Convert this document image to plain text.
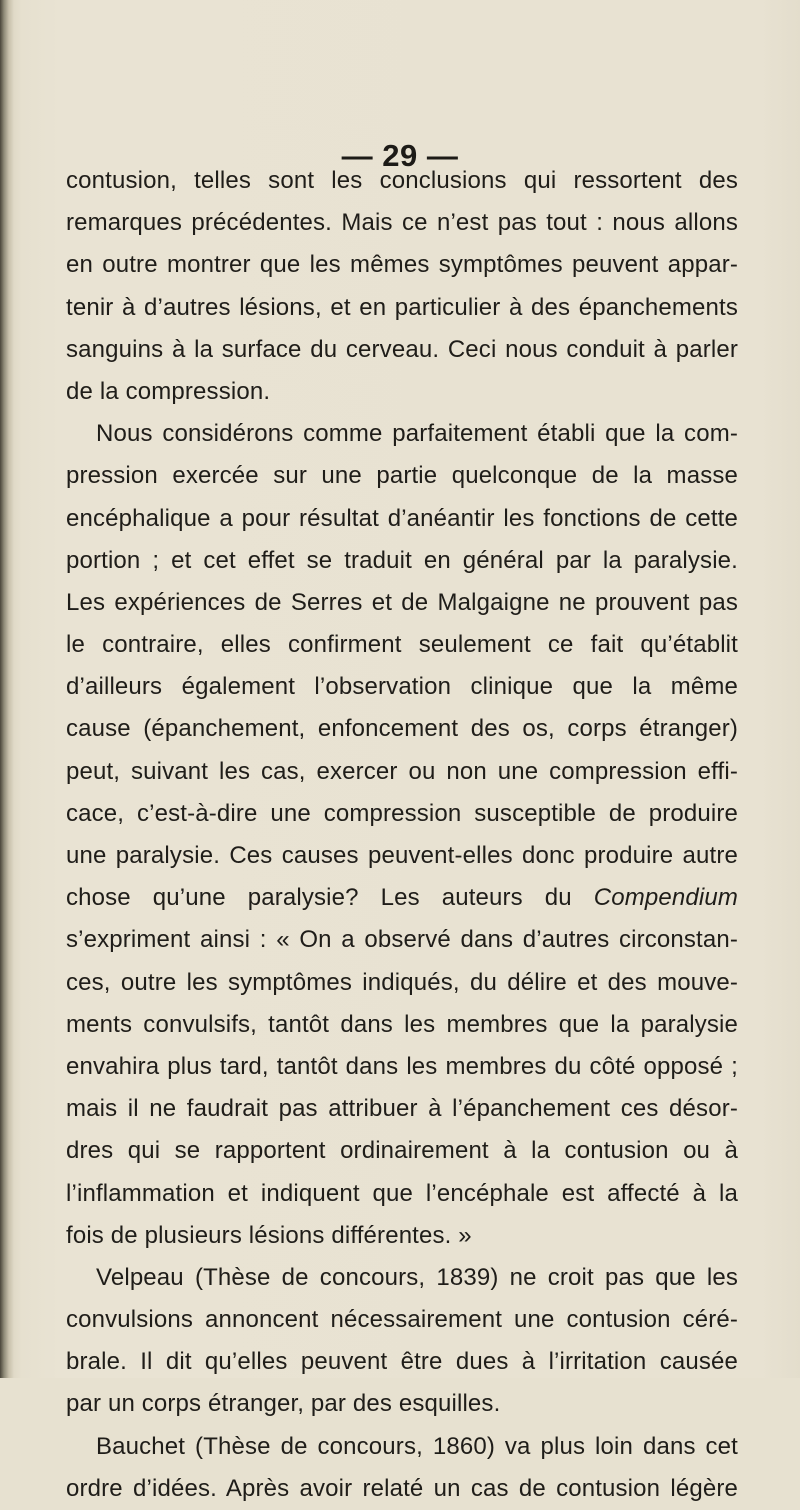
— 29 —
contusion, telles sont les conclusions qui ressortent des
remarques précédentes. Mais ce n’est pas tout : nous allons
en outre montrer que les mêmes symptômes peuvent appar-
tenir à d’autres lésions, et en particulier à des épanchements
sanguins à la surface du cerveau. Ceci nous conduit à parler
de la compression.
Nous considérons comme parfaitement établi que la com-
pression exercée sur une partie quelconque de la masse
encéphalique a pour résultat d’anéantir les fonctions de cette
portion ; et cet effet se traduit en général par la paralysie.
Les expériences de Serres et de Malgaigne ne prouvent pas
le contraire, elles confirment seulement ce fait qu’établit
d’ailleurs également l’observation clinique que la même
cause (épanchement, enfoncement des os, corps étranger)
peut, suivant les cas, exercer ou non une compression effi-
cace, c’est-à-dire une compression susceptible de produire
une paralysie. Ces causes peuvent-elles donc produire autre
chose qu’une paralysie? Les auteurs du Compendium
s’expriment ainsi : « On a observé dans d’autres circonstan-
ces, outre les symptômes indiqués, du délire et des mouve-
ments convulsifs, tantôt dans les membres que la paralysie
envahira plus tard, tantôt dans les membres du côté opposé ;
mais il ne faudrait pas attribuer à l’épanchement ces désor-
dres qui se rapportent ordinairement à la contusion ou à
l’inflammation et indiquent que l’encéphale est affecté à la
fois de plusieurs lésions différentes. »
Velpeau (Thèse de concours, 1839) ne croit pas que les
convulsions annoncent nécessairement une contusion céré-
brale. Il dit qu’elles peuvent être dues à l’irritation causée
par un corps étranger, par des esquilles.
Bauchet (Thèse de concours, 1860) va plus loin dans cet
ordre d’idées. Après avoir relaté un cas de contusion légère
